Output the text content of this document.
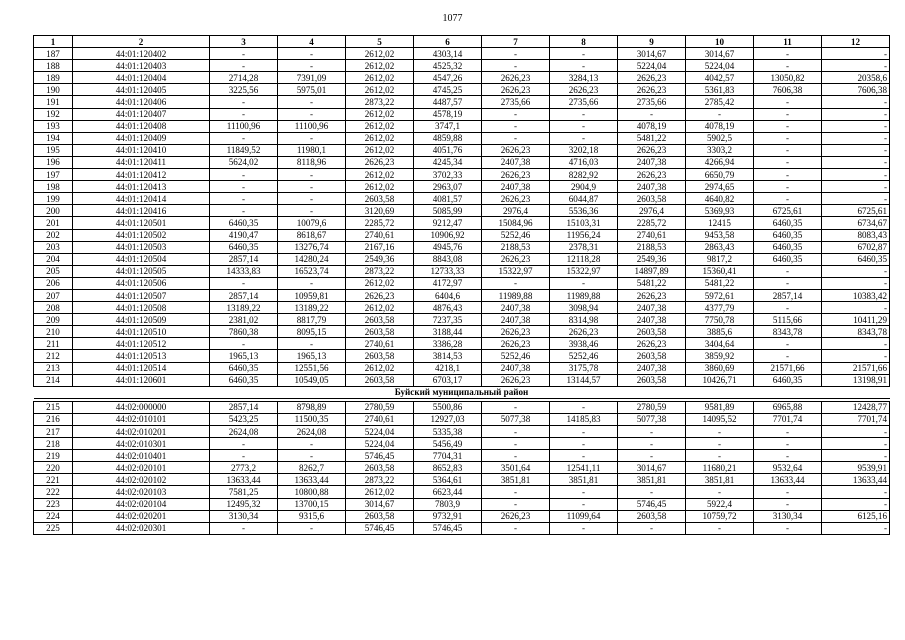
1077
1	2	3	4	5	6	7	8	9	10	11	12
187	44:01:120402	-	-	2612,02	4303,14	-	-	3014,67	3014,67	-	-
188	44:01:120403	-	-	2612,02	4525,32	-	-	5224,04	5224,04	-	-
189	44:01:120404	2714,28	7391,09	2612,02	4547,26	2626,23	3284,13	2626,23	4042,57	13050,82	20358,6
190	44:01:120405	3225,56	5975,01	2612,02	4745,25	2626,23	2626,23	2626,23	5361,83	7606,38	7606,38
191	44:01:120406	-	-	2873,22	4487,57	2735,66	2735,66	2735,66	2785,42	-	-
192	44:01:120407	-	-	2612,02	4578,19	-	-	-	-	-	-
193	44:01:120408	11100,96	11100,96	2612,02	3747,1	-	-	4078,19	4078,19	-	-
194	44:01:120409	-	-	2612,02	4859,88	-	-	5481,22	5902,5	-	-
195	44:01:120410	11849,52	11980,1	2612,02	4051,76	2626,23	3202,18	2626,23	3303,2	-	-
196	44:01:120411	5624,02	8118,96	2626,23	4245,34	2407,38	4716,03	2407,38	4266,94	-	-
197	44:01:120412	-	-	2612,02	3702,33	2626,23	8282,92	2626,23	6650,79	-	-
198	44:01:120413	-	-	2612,02	2963,07	2407,38	2904,9	2407,38	2974,65	-	-
199	44:01:120414	-	-	2603,58	4081,57	2626,23	6044,87	2603,58	4640,82	-	-
200	44:01:120416	-	-	3120,69	5085,99	2976,4	5536,36	2976,4	5369,93	6725,61	6725,61
201	44:01:120501	6460,35	10079,6	2285,72	9212,47	15084,96	15103,31	2285,72	12415	6460,35	6734,67
202	44:01:120502	4190,47	8618,67	2740,61	10906,92	5252,46	11956,24	2740,61	9453,58	6460,35	8083,43
203	44:01:120503	6460,35	13276,74	2167,16	4945,76	2188,53	2378,31	2188,53	2863,43	6460,35	6702,87
204	44:01:120504	2857,14	14280,24	2549,36	8843,08	2626,23	12118,28	2549,36	9817,2	6460,35	6460,35
205	44:01:120505	14333,83	16523,74	2873,22	12733,33	15322,97	15322,97	14897,89	15360,41	-	-
206	44:01:120506	-	-	2612,02	4172,97	-	-	5481,22	5481,22	-	-
207	44:01:120507	2857,14	10959,81	2626,23	6404,6	11989,88	11989,88	2626,23	5972,61	2857,14	10383,42
208	44:01:120508	13189,22	13189,22	2612,02	4876,43	2407,38	3098,94	2407,38	4377,79	-	-
209	44:01:120509	2381,02	8817,79	2603,58	7237,35	2407,38	8314,98	2407,38	7750,78	5115,66	10411,29
210	44:01:120510	7860,38	8095,15	2603,58	3188,44	2626,23	2626,23	2603,58	3885,6	8343,78	8343,78
211	44:01:120512	-	-	2740,61	3386,28	2626,23	3938,46	2626,23	3404,64	-	-
212	44:01:120513	1965,13	1965,13	2603,58	3814,53	5252,46	5252,46	2603,58	3859,92	-	-
213	44:01:120514	6460,35	12551,56	2612,02	4218,1	2407,38	3175,78	2407,38	3860,69	21571,66	21571,66
214	44:01:120601	6460,35	10549,05	2603,58	6703,17	2626,23	13144,57	2603,58	10426,71	6460,35	13198,91
Буйский муниципальный район											

215	44:02:000000	2857,14	8798,89	2780,59	5500,86	-	-	2780,59	9581,89	6965,88	12428,77
216	44:02:010101	5423,25	11500,35	2740,61	12927,03	5077,38	14185,83	5077,38	14095,52	7701,74	7701,74
217	44:02:010201	2624,08	2624,08	5224,04	5335,38	-	-	-	-	-	-
218	44:02:010301	-	-	5224,04	5456,49	-	-	-	-	-	-
219	44:02:010401	-	-	5746,45	7704,31	-	-	-	-	-	-
220	44:02:020101	2773,2	8262,7	2603,58	8652,83	3501,64	12541,11	3014,67	11680,21	9532,64	9539,91
221	44:02:020102	13633,44	13633,44	2873,22	5364,61	3851,81	3851,81	3851,81	3851,81	13633,44	13633,44
222	44:02:020103	7581,25	10800,88	2612,02	6623,44	-	-	-	-	-	-
223	44:02:020104	12495,32	13700,15	3014,67	7803,9	-	-	5746,45	5922,4	-	-
224	44:02:020201	3130,34	9315,6	2603,58	9732,91	2626,23	11099,64	2603,58	10759,72	3130,34	6125,16
225	44:02:020301	-	-	5746,45	5746,45	-	-	-	-	-	-
